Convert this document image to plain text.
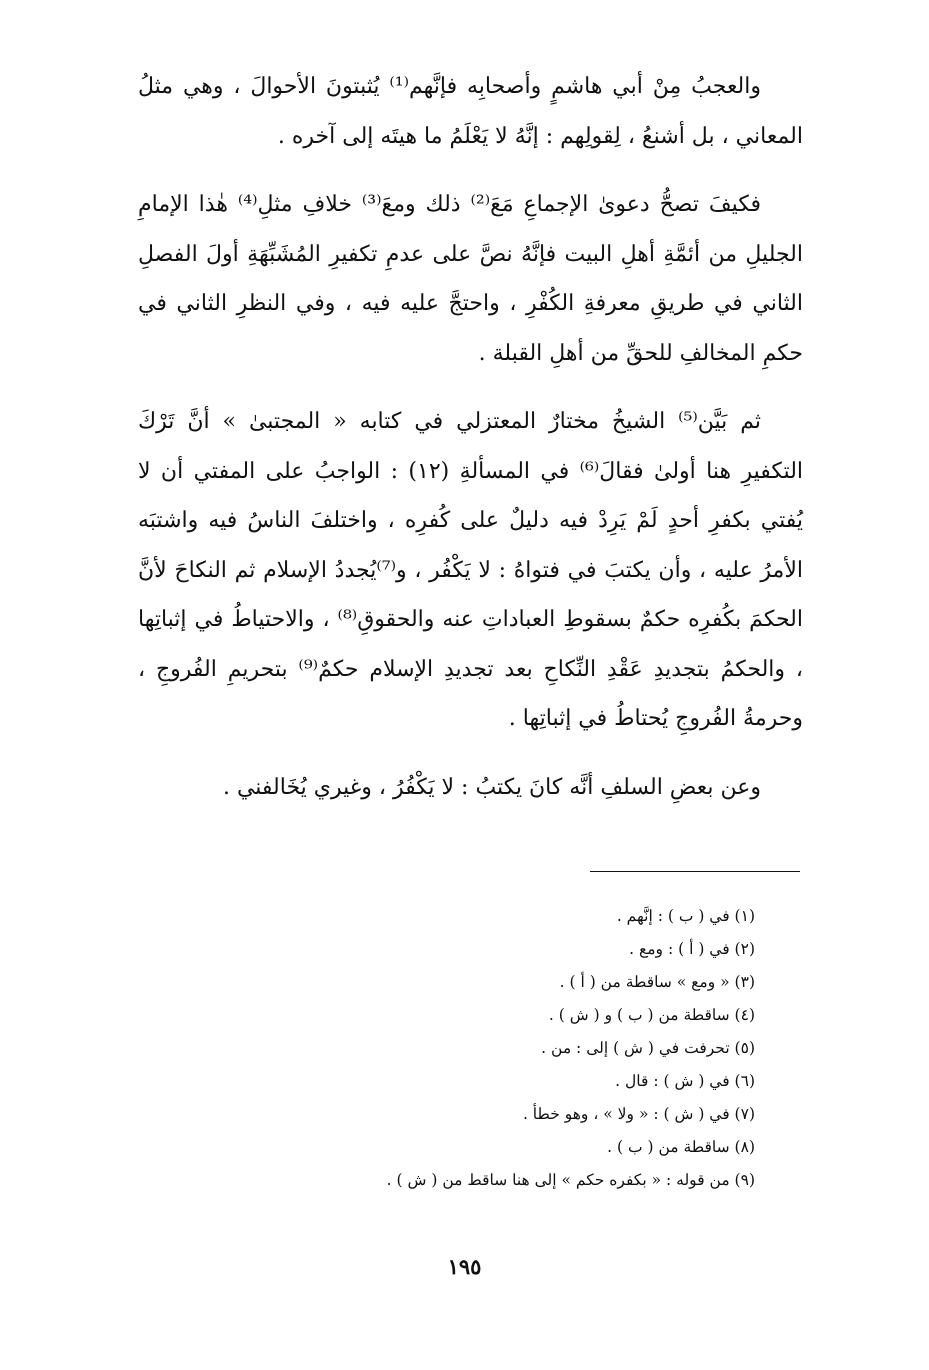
والعجبُ مِنْ أبي هاشمٍ وأصحابِه فإنَّهم⁽¹⁾ يُثبتونَ الأحوالَ ، وهي مثلُ المعاني ، بل أشنعُ ، لِقولِهم : إنَّهُ لا يَعْلَمُ ما هيتَه إلى آخره .

فكيفَ تصحُّ دعوىٰ الإجماعِ مَعَ⁽²⁾ ذلك ومعَ⁽³⁾ خلافِ مثلِ⁽⁴⁾ هٰذا الإمامِ الجليلِ من أئمَّةِ أهلِ البيت فإنَّهُ نصَّ على عدمِ تكفيرِ المُشَبِّهَةِ أولَ الفصلِ الثاني في طريقِ معرفةِ الكُفْرِ ، واحتجَّ عليه فيه ، وفي النظرِ الثاني في حكمِ المخالفِ للحقِّ من أهلِ القبلة .

ثم بَيَّن⁽⁵⁾ الشيخُ مختارٌ المعتزلي في كتابه « المجتبىٰ » أنَّ تَرْكَ التكفيرِ هنا أولىٰ فقالَ⁽⁶⁾ في المسألةِ (١٢) : الواجبُ على المفتي أن لا يُفتي بكفرِ أحدٍ لَمْ يَرِدْ فيه دليلٌ على كُفرِه ، واختلفَ الناسُ فيه واشتبَه الأمرُ عليه ، وأن يكتبَ في فتواهُ : لا يَكْفُر ، و⁽⁷⁾يُجددُ الإسلام ثم النكاحَ لأنَّ الحكمَ بكُفرِه حكمٌ بسقوطِ العباداتِ عنه والحقوقِ⁽⁸⁾ ، والاحتياطُ في إثباتِها ، والحكمُ بتجديدِ عَقْدِ النِّكاحِ بعد تجديدِ الإسلام حكمٌ⁽⁹⁾ بتحريمِ الفُروجِ ، وحرمةُ الفُروجِ يُحتاطُ في إثباتِها .

وعن بعضِ السلفِ أنَّه كانَ يكتبُ : لا يَكْفُرُ ، وغيري يُخَالفني .

(١) في ( ب ) : إنَّهم .

(٢) في ( أ ) : ومع .

(٣) « ومع » ساقطة من ( أ ) .

(٤) ساقطة من ( ب ) و ( ش ) .

(٥) تحرفت في ( ش ) إلى : من .

(٦) في ( ش ) : قال .

(٧) في ( ش ) : « ولا » ، وهو خطأ .

(٨) ساقطة من ( ب ) .

(٩) من قوله : « بكفره حكم » إلى هنا ساقط من ( ش ) .

١٩٥
